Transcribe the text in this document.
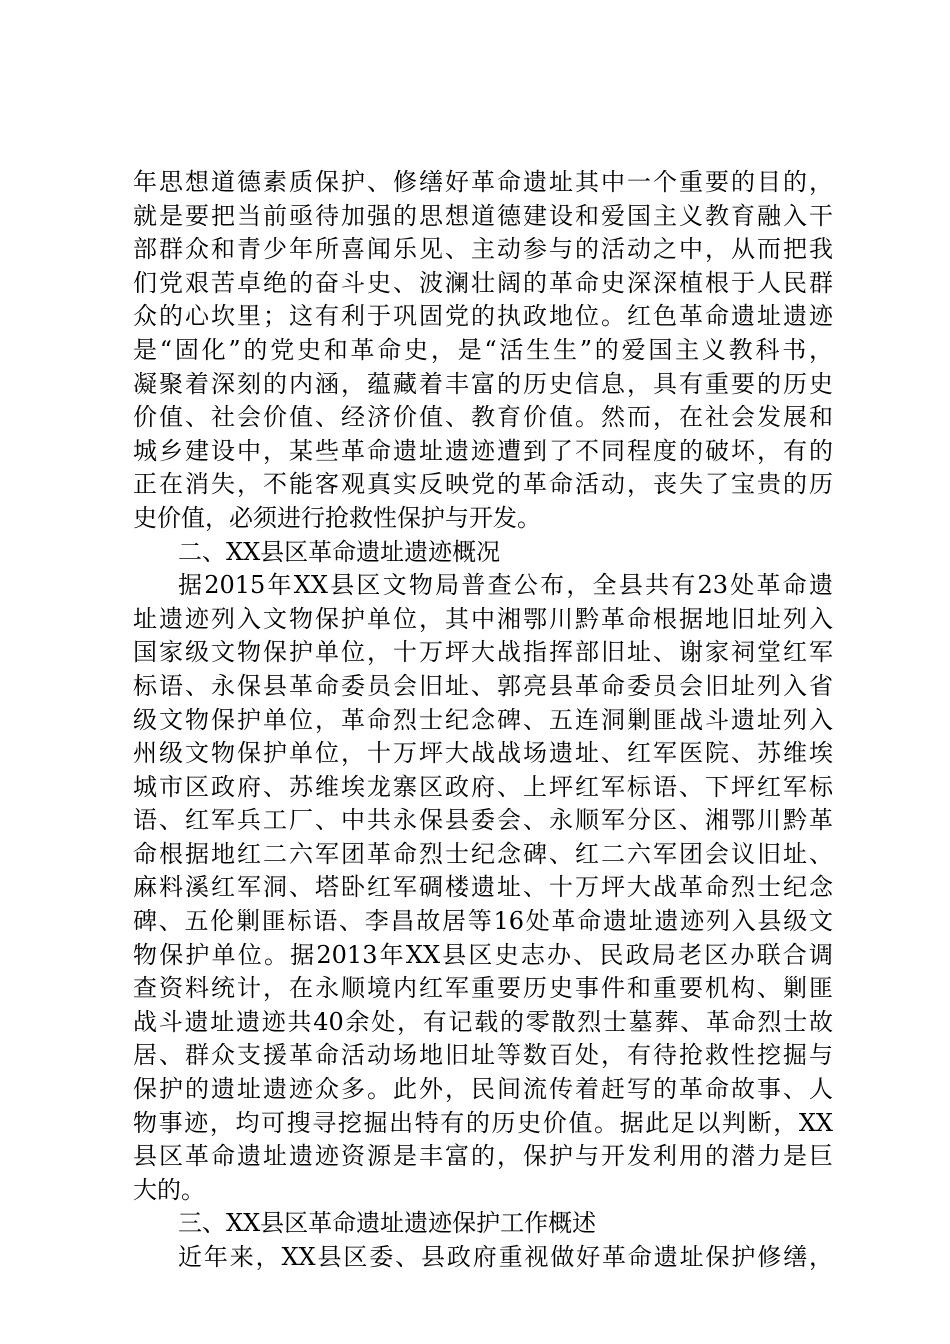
年思想道德素质保护、修缮好革命遗址其中一个重要的目的，
就是要把当前亟待加强的思想道德建设和爱国主义教育融入干
部群众和青少年所喜闻乐见、主动参与的活动之中，从而把我
们党艰苦卓绝的奋斗史、波澜壮阔的革命史深深植根于人民群
众的心坎里；这有利于巩固党的执政地位。红色革命遗址遗迹
是“固化”的党史和革命史，是“活生生”的爱国主义教科书，
凝聚着深刻的内涵，蕴藏着丰富的历史信息，具有重要的历史
价值、社会价值、经济价值、教育价值。然而，在社会发展和
城乡建设中，某些革命遗址遗迹遭到了不同程度的破坏，有的
正在消失，不能客观真实反映党的革命活动，丧失了宝贵的历
史价值，必须进行抢救性保护与开发。
二、XX县区革命遗址遗迹概况
据2015年XX县区文物局普查公布，全县共有23处革命遗
址遗迹列入文物保护单位，其中湘鄂川黔革命根据地旧址列入
国家级文物保护单位，十万坪大战指挥部旧址、谢家祠堂红军
标语、永保县革命委员会旧址、郭亮县革命委员会旧址列入省
级文物保护单位，革命烈士纪念碑、五连洞剿匪战斗遗址列入
州级文物保护单位，十万坪大战战场遗址、红军医院、苏维埃
城市区政府、苏维埃龙寨区政府、上坪红军标语、下坪红军标
语、红军兵工厂、中共永保县委会、永顺军分区、湘鄂川黔革
命根据地红二六军团革命烈士纪念碑、红二六军团会议旧址、
麻料溪红军洞、塔卧红军碉楼遗址、十万坪大战革命烈士纪念
碑、五伦剿匪标语、李昌故居等16处革命遗址遗迹列入县级文
物保护单位。据2013年XX县区史志办、民政局老区办联合调
查资料统计，在永顺境内红军重要历史事件和重要机构、剿匪
战斗遗址遗迹共40余处，有记载的零散烈士墓葬、革命烈士故
居、群众支援革命活动场地旧址等数百处，有待抢救性挖掘与
保护的遗址遗迹众多。此外，民间流传着赶写的革命故事、人
物事迹，均可搜寻挖掘出特有的历史价值。据此足以判断，XX
县区革命遗址遗迹资源是丰富的，保护与开发利用的潜力是巨
大的。
三、XX县区革命遗址遗迹保护工作概述
近年来，XX县区委、县政府重视做好革命遗址保护修缮，
